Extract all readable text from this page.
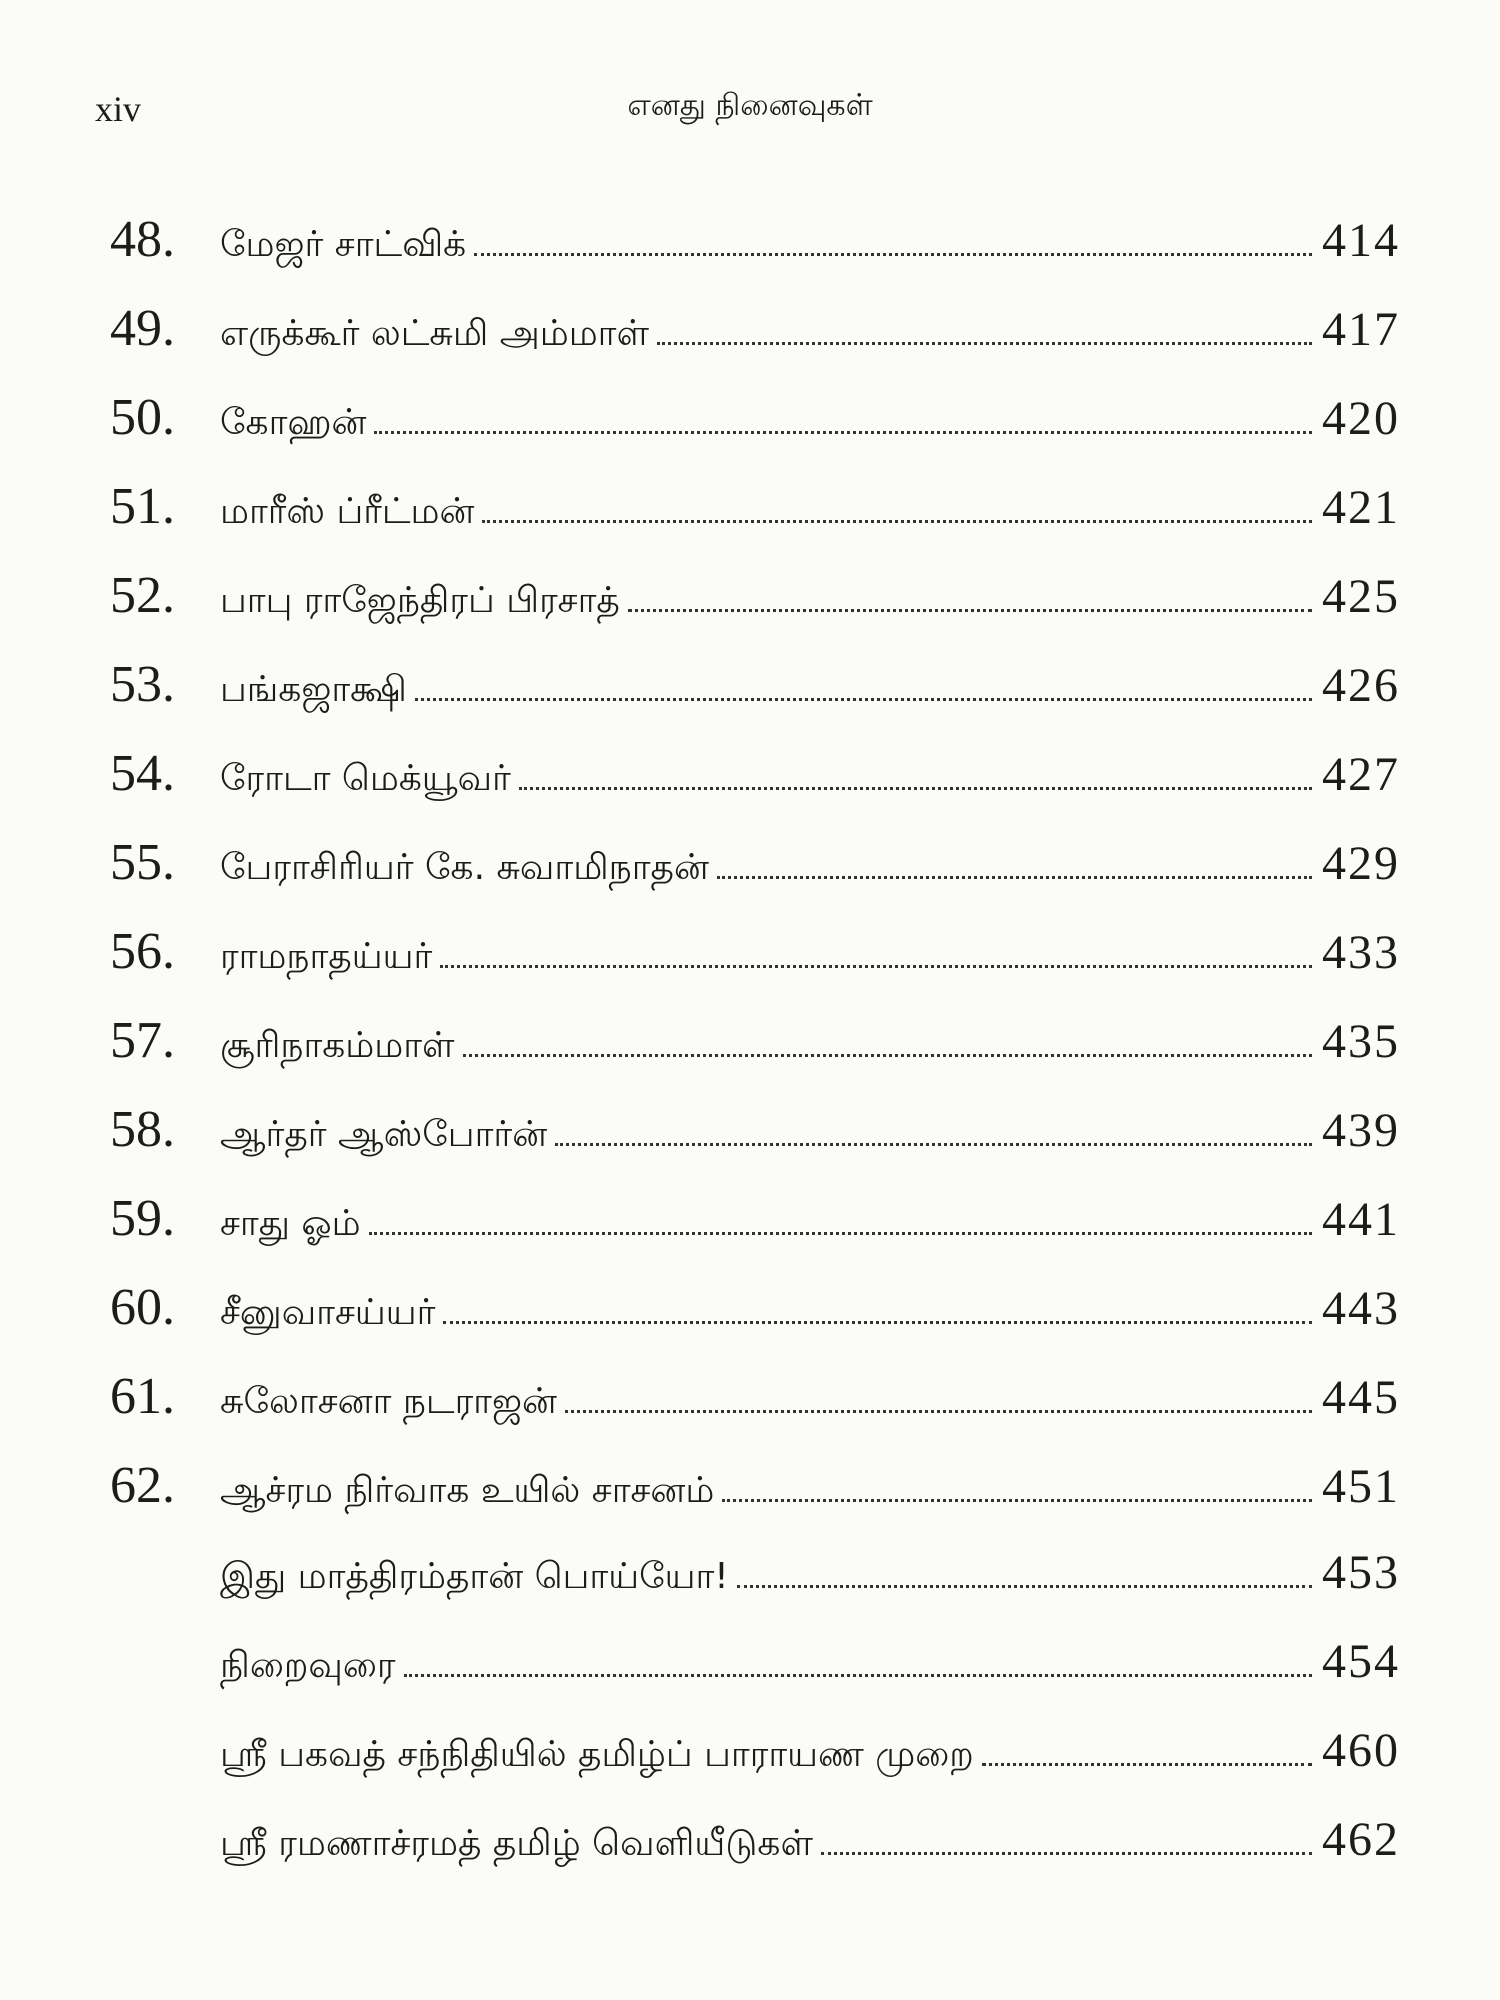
xiv	எனது நினைவுகள்
48.	மேஜர் சாட்விக்	414
49.	எருக்கூர் லட்சுமி அம்மாள்	417
50.	கோஹன்	420
51.	மாரீஸ் ப்ரீட்மன்	421
52.	பாபு ராஜேந்திரப் பிரசாத்	425
53.	பங்கஜாக்ஷி	426
54.	ரோடா மெக்யூவர்	427
55.	பேராசிரியர் கே. சுவாமிநாதன்	429
56.	ராமநாதய்யர்	433
57.	சூரிநாகம்மாள்	435
58.	ஆர்தர் ஆஸ்போர்ன்	439
59.	சாது ஓம்	441
60.	சீனுவாசய்யர்	443
61.	சுலோசனா நடராஜன்	445
62.	ஆச்ரம நிர்வாக உயில் சாசனம்	451
இது மாத்திரம்தான் பொய்யோ!	453
நிறைவுரை	454
ஸ்ரீ பகவத் சந்நிதியில் தமிழ்ப் பாராயண முறை	460
ஸ்ரீ ரமணாச்ரமத் தமிழ் வெளியீடுகள்	462
